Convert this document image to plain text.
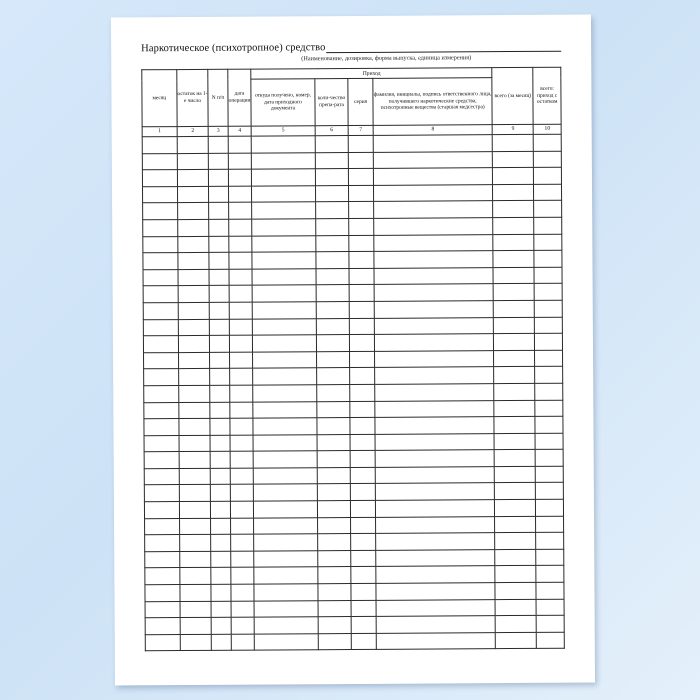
Наркотическое (психотропное) средство
(Наименование, дозировка, форма выпуска, единица измерения)
месяц	остаток на 1-е число	N п/п	дата операции	Приход				всего (за месяц)	всего: приход с остатком
				откуда получено, номер, дата приходного документа	коли-чество препа-рата	серия	фамилия, инициалы, подпись ответственного лица, получившего наркотические средства, психотропные вещества (старшая медсестра)		
1	2	3	4	5	6	7	8	9	10
